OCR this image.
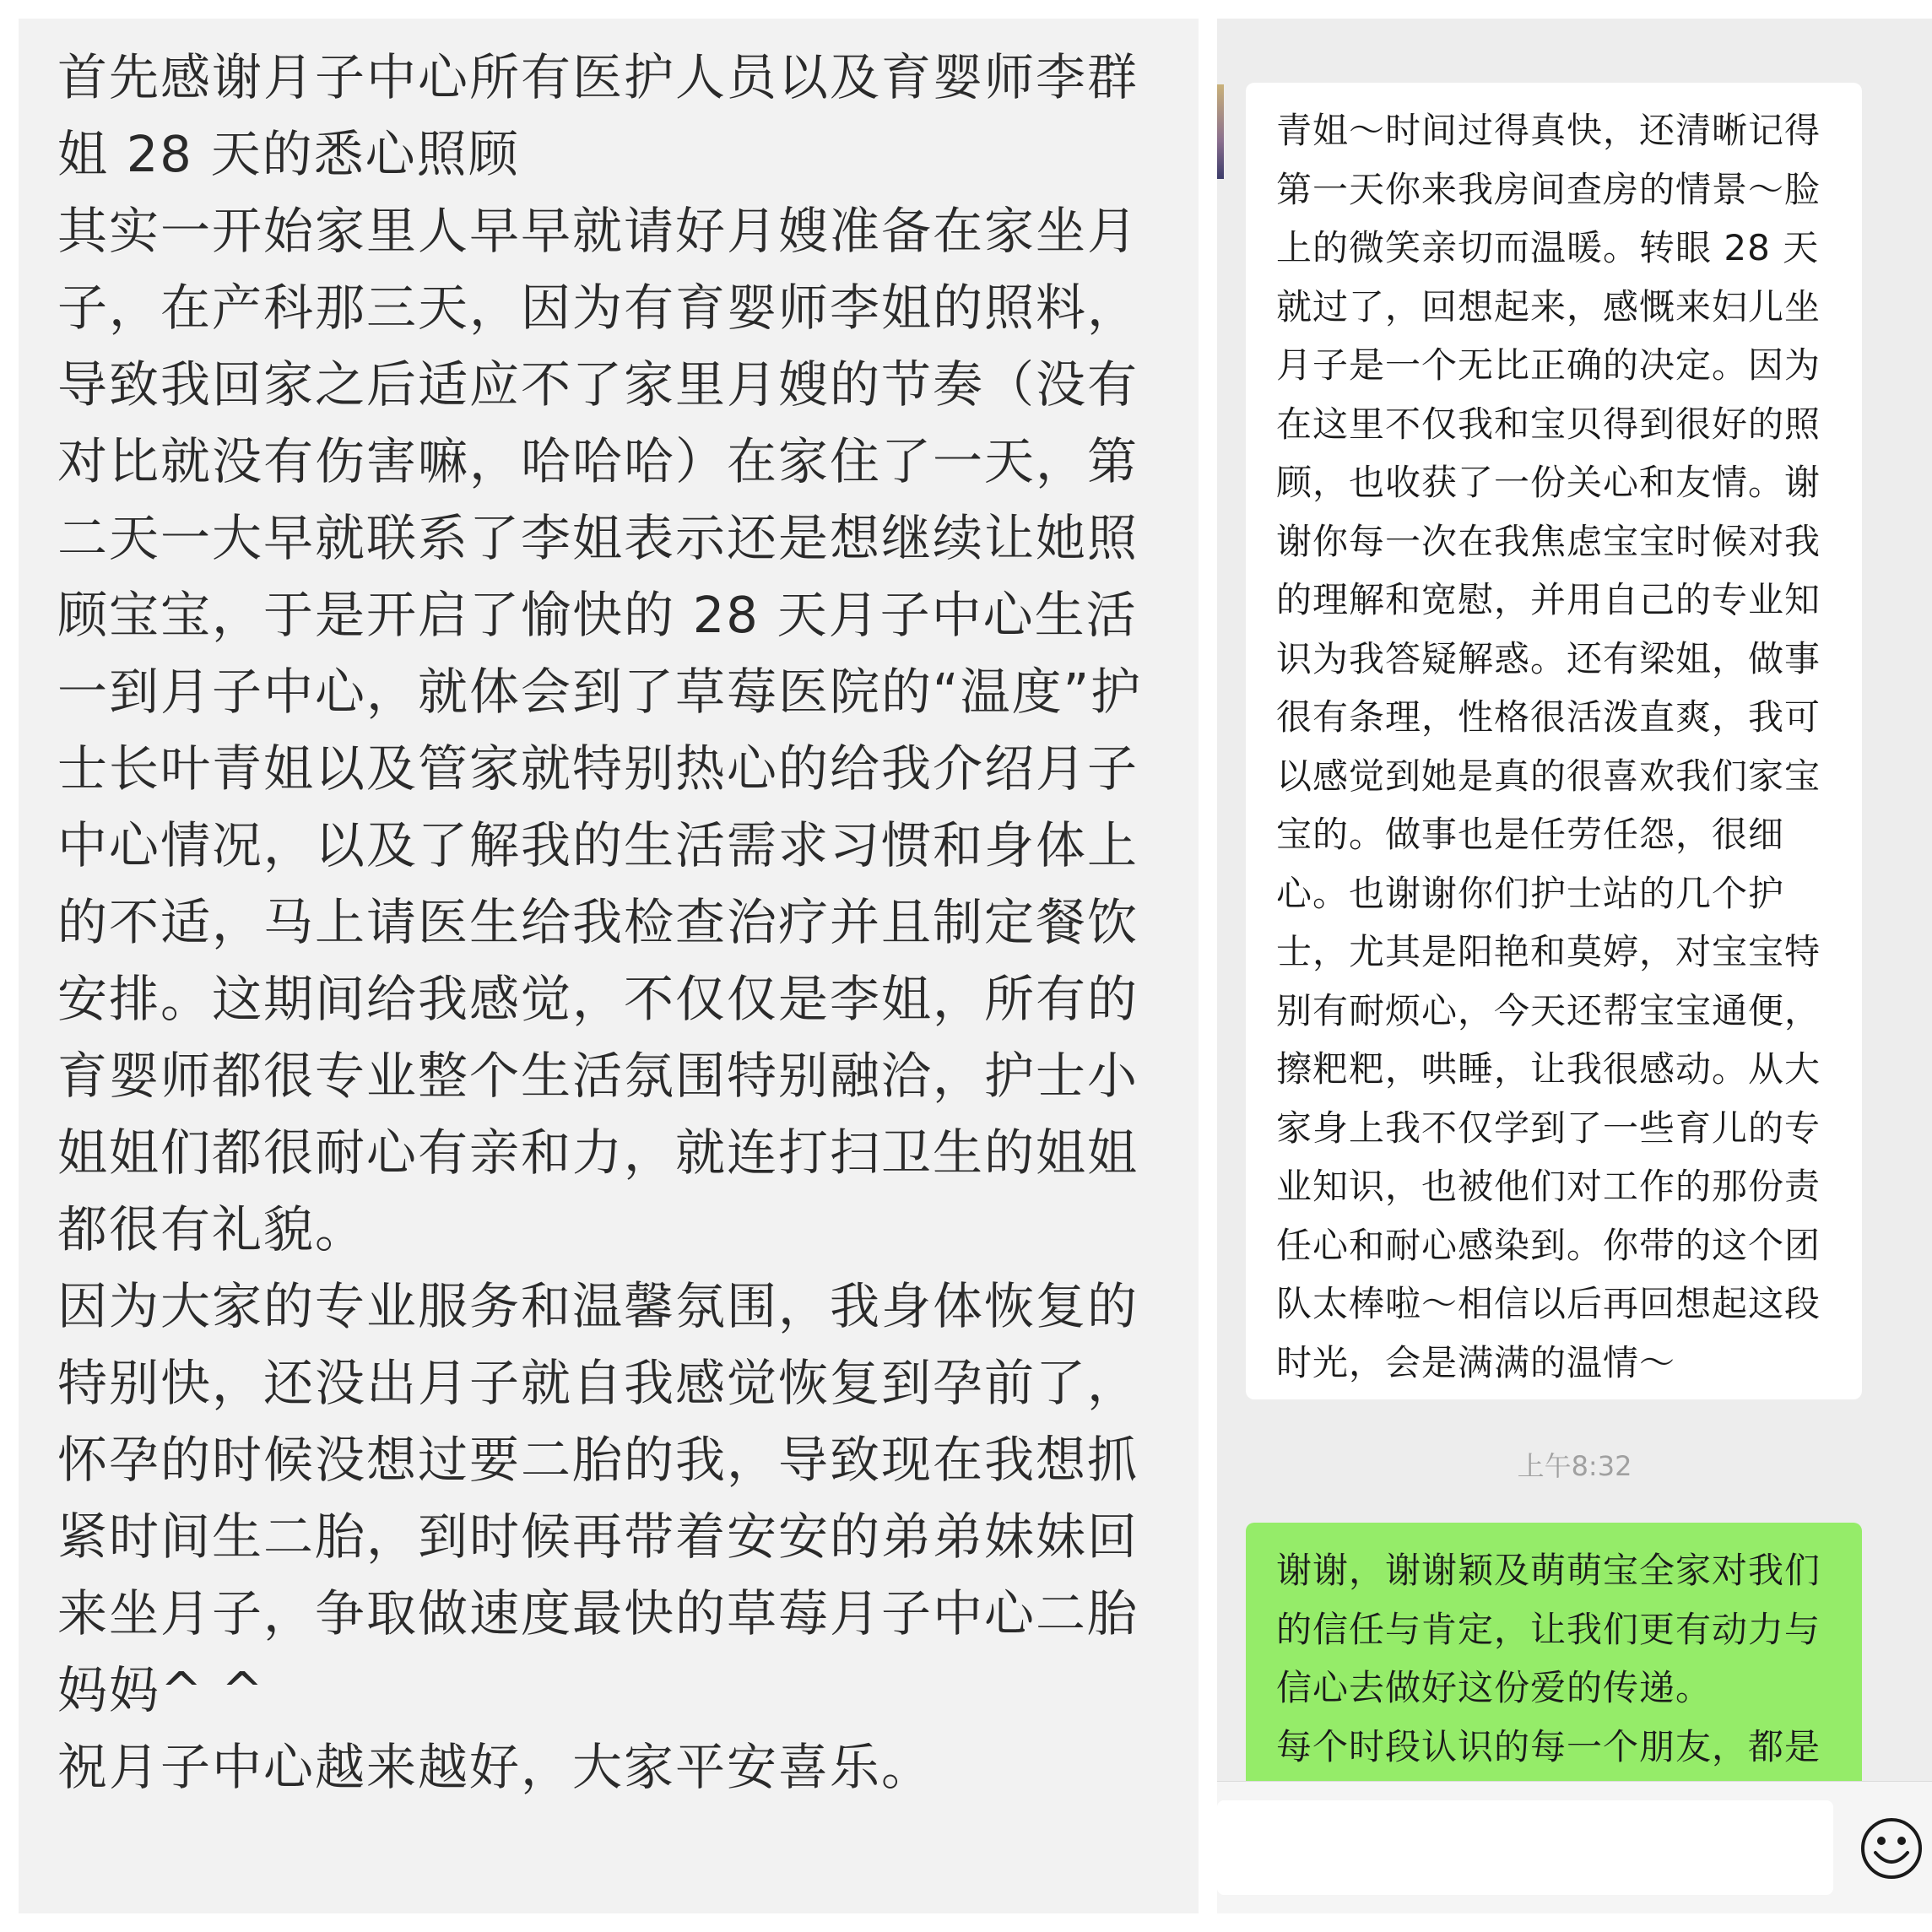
首先感谢月子中心所有医护人员以及育婴师李群姐 28 天的悉心照顾

其实一开始家里人早早就请好月嫂准备在家坐月子，在产科那三天，因为有育婴师李姐的照料，导致我回家之后适应不了家里月嫂的节奏（没有对比就没有伤害嘛，哈哈哈）在家住了一天，第二天一大早就联系了李姐表示还是想继续让她照顾宝宝，于是开启了愉快的 28 天月子中心生活

一到月子中心，就体会到了草莓医院的“温度”护士长叶青姐以及管家就特别热心的给我介绍月子中心情况，以及了解我的生活需求习惯和身体上的不适，马上请医生给我检查治疗并且制定餐饮安排。这期间给我感觉，不仅仅是李姐，所有的育婴师都很专业整个生活氛围特别融洽，护士小姐姐们都很耐心有亲和力，就连打扫卫生的姐姐都很有礼貌。

因为大家的专业服务和温馨氛围，我身体恢复的特别快，还没出月子就自我感觉恢复到孕前了，怀孕的时候没想过要二胎的我，导致现在我想抓紧时间生二胎，到时候再带着安安的弟弟妹妹回来坐月子，争取做速度最快的草莓月子中心二胎妈妈^ ^

祝月子中心越来越好，大家平安喜乐。

青姐～时间过得真快，还清晰记得第一天你来我房间查房的情景～脸上的微笑亲切而温暖。转眼 28 天就过了，回想起来，感慨来妇儿坐月子是一个无比正确的决定。因为在这里不仅我和宝贝得到很好的照顾，也收获了一份关心和友情。谢谢你每一次在我焦虑宝宝时候对我的理解和宽慰，并用自己的专业知识为我答疑解惑。还有梁姐，做事很有条理，性格很活泼直爽，我可以感觉到她是真的很喜欢我们家宝宝的。做事也是任劳任怨，很细心。也谢谢你们护士站的几个护士，尤其是阳艳和莫婷，对宝宝特别有耐烦心，今天还帮宝宝通便，擦粑粑，哄睡，让我很感动。从大家身上我不仅学到了一些育儿的专业知识，也被他们对工作的那份责任心和耐心感染到。你带的这个团队太棒啦～相信以后再回想起这段时光，会是满满的温情～
上午8:32
谢谢，谢谢颖及萌萌宝全家对我们的信任与肯定，让我们更有动力与信心去做好这份爱的传递。
每个时段认识的每一个朋友，都是
